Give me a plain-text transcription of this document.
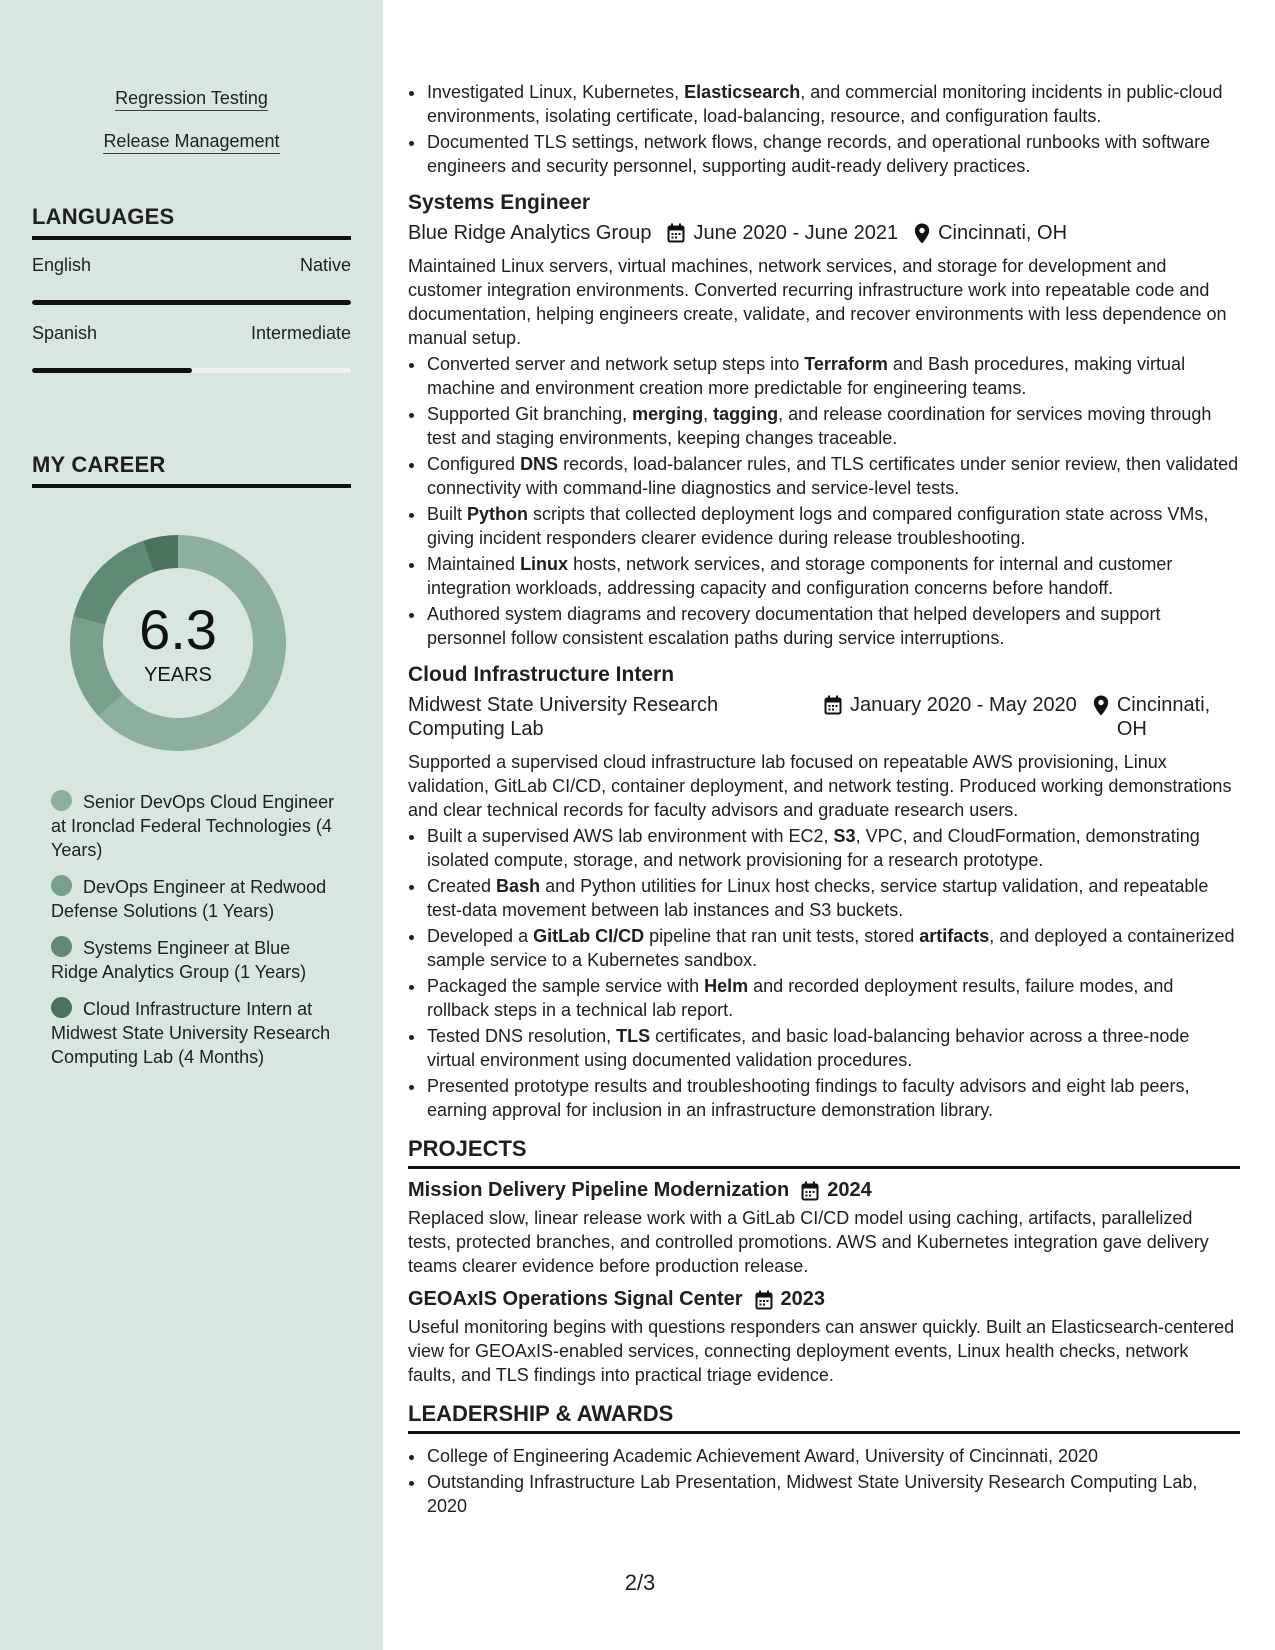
Regression Testing
Release Management
LANGUAGES
English	Native
Spanish	Intermediate
MY CAREER
6.3
YEARS
Senior DevOps Cloud Engineer at Ironclad Federal Technologies (4 Years)
DevOps Engineer at Redwood Defense Solutions (1 Years)
Systems Engineer at Blue Ridge Analytics Group (1 Years)
Cloud Infrastructure Intern at Midwest State University Research Computing Lab (4 Months)
• Investigated Linux, Kubernetes, Elasticsearch, and commercial monitoring incidents in public-cloud environments, isolating certificate, load-balancing, resource, and configuration faults.
• Documented TLS settings, network flows, change records, and operational runbooks with software engineers and security personnel, supporting audit-ready delivery practices.
Systems Engineer
Blue Ridge Analytics Group June 2020 - June 2021 Cincinnati, OH

Maintained Linux servers, virtual machines, network services, and storage for development and customer integration environments. Converted recurring infrastructure work into repeatable code and documentation, helping engineers create, validate, and recover environments with less dependence on manual setup.

• Converted server and network setup steps into Terraform and Bash procedures, making virtual machine and environment creation more predictable for engineering teams.
• Supported Git branching, merging, tagging, and release coordination for services moving through test and staging environments, keeping changes traceable.
• Configured DNS records, load-balancer rules, and TLS certificates under senior review, then validated connectivity with command-line diagnostics and service-level tests.
• Built Python scripts that collected deployment logs and compared configuration state across VMs, giving incident responders clearer evidence during release troubleshooting.
• Maintained Linux hosts, network services, and storage components for internal and customer integration workloads, addressing capacity and configuration concerns before handoff.
• Authored system diagrams and recovery documentation that helped developers and support personnel follow consistent escalation paths during service interruptions.
Cloud Infrastructure Intern
Midwest State University Research Computing Lab
January 2020 - May 2020 Cincinnati, OH

Supported a supervised cloud infrastructure lab focused on repeatable AWS provisioning, Linux validation, GitLab CI/CD, container deployment, and network testing. Produced working demonstrations and clear technical records for faculty advisors and graduate research users.

• Built a supervised AWS lab environment with EC2, S3, VPC, and CloudFormation, demonstrating isolated compute, storage, and network provisioning for a research prototype.
• Created Bash and Python utilities for Linux host checks, service startup validation, and repeatable test-data movement between lab instances and S3 buckets.
• Developed a GitLab CI/CD pipeline that ran unit tests, stored artifacts, and deployed a containerized sample service to a Kubernetes sandbox.
• Packaged the sample service with Helm and recorded deployment results, failure modes, and rollback steps in a technical lab report.
• Tested DNS resolution, TLS certificates, and basic load-balancing behavior across a three-node virtual environment using documented validation procedures.
• Presented prototype results and troubleshooting findings to faculty advisors and eight lab peers, earning approval for inclusion in an infrastructure demonstration library.
PROJECTS
Mission Delivery Pipeline Modernization 2024

Replaced slow, linear release work with a GitLab CI/CD model using caching, artifacts, parallelized tests, protected branches, and controlled promotions. AWS and Kubernetes integration gave delivery teams clearer evidence before production release.

GEOAxIS Operations Signal Center 2023

Useful monitoring begins with questions responders can answer quickly. Built an Elasticsearch-centered view for GEOAxIS-enabled services, connecting deployment events, Linux health checks, network faults, and TLS findings into practical triage evidence.

LEADERSHIP & AWARDS
• College of Engineering Academic Achievement Award, University of Cincinnati, 2020
• Outstanding Infrastructure Lab Presentation, Midwest State University Research Computing Lab, 2020
2/3
